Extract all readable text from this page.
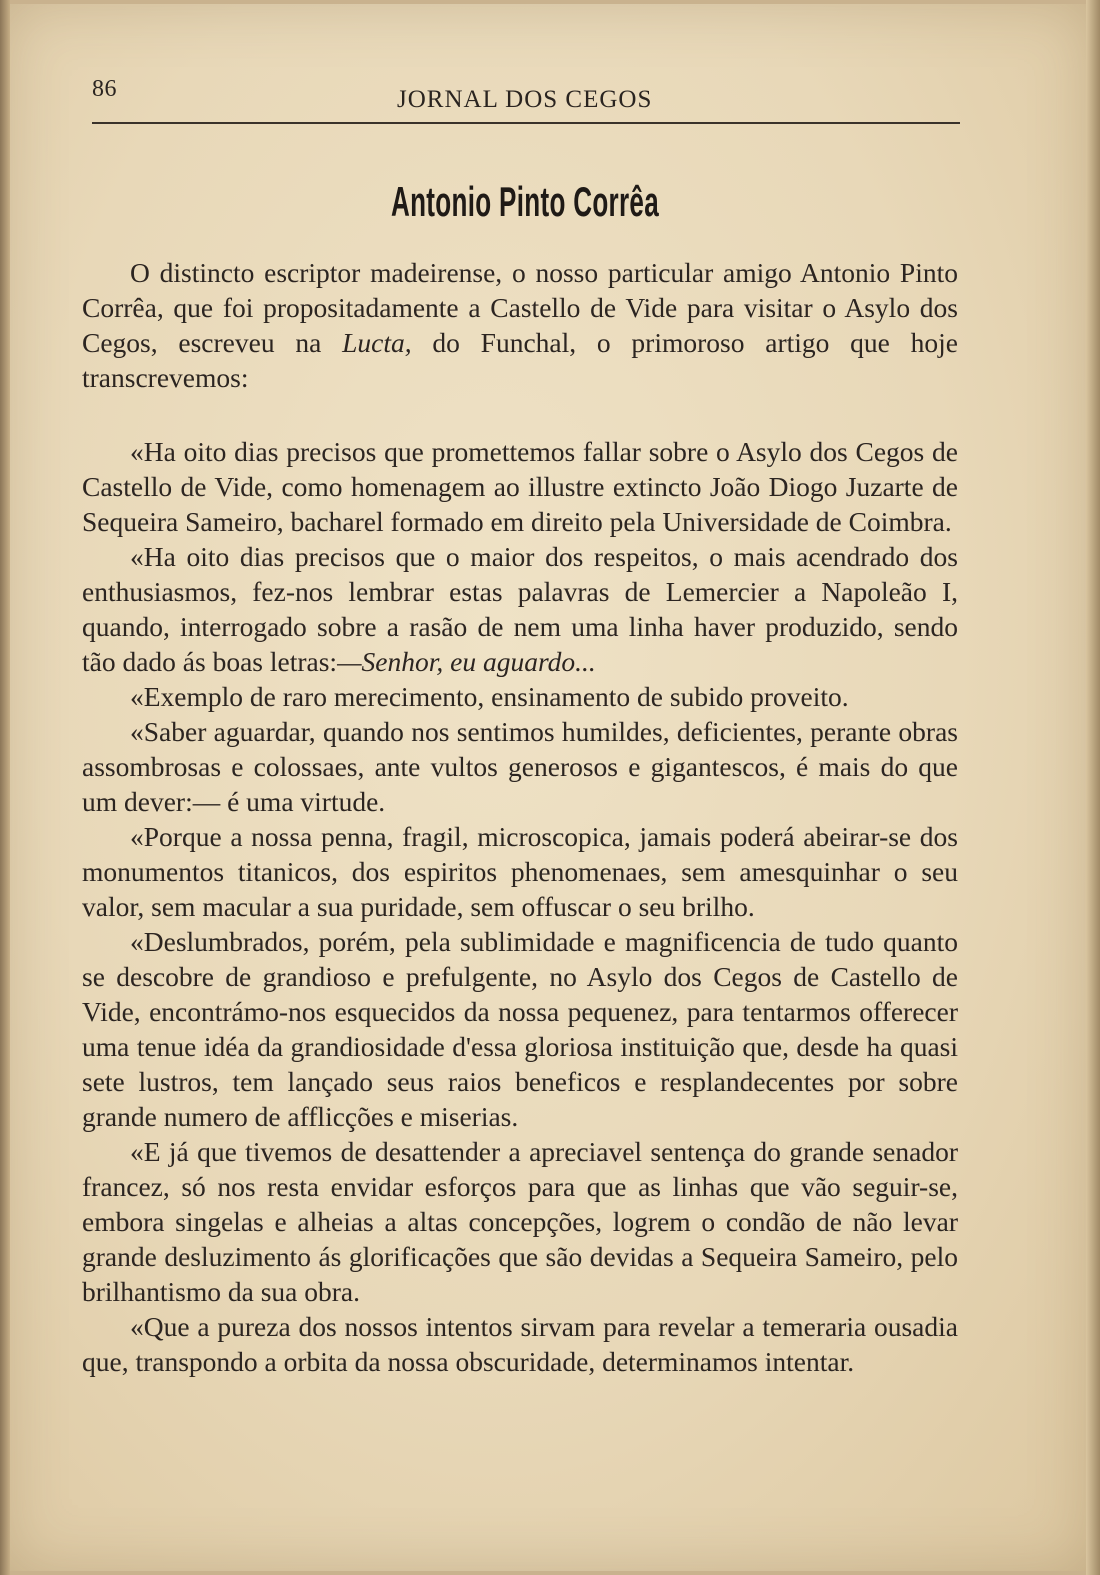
86	JORNAL DOS CEGOS
Antonio Pinto Corrêa

O distincto escriptor madeirense, o nosso particular amigo Antonio Pinto Corrêa, que foi propositadamente a Castello de Vide para visitar o Asylo dos Cegos, escreveu na Lucta, do Funchal, o primoroso artigo que hoje transcrevemos:

«Ha oito dias precisos que promettemos fallar sobre o Asylo dos Cegos de Castello de Vide, como homenagem ao illustre extincto João Diogo Juzarte de Sequeira Sameiro, bacharel formado em direito pela Universidade de Coimbra.

«Ha oito dias precisos que o maior dos respeitos, o mais acendrado dos enthusiasmos, fez-nos lembrar estas palavras de Lemercier a Napoleão I, quando, interrogado sobre a rasão de nem uma linha haver produzido, sendo tão dado ás boas letras:—Senhor, eu aguardo...

«Exemplo de raro merecimento, ensinamento de subido proveito.

«Saber aguardar, quando nos sentimos humildes, deficientes, perante obras assombrosas e colossaes, ante vultos generosos e gigantescos, é mais do que um dever:— é uma virtude.

«Porque a nossa penna, fragil, microscopica, jamais poderá abeirar-se dos monumentos titanicos, dos espiritos phenomenaes, sem amesquinhar o seu valor, sem macular a sua puridade, sem offuscar o seu brilho.

«Deslumbrados, porém, pela sublimidade e magnificencia de tudo quanto se descobre de grandioso e prefulgente, no Asylo dos Cegos de Castello de Vide, encontrámo-nos esquecidos da nossa pequenez, para tentarmos offerecer uma tenue idéa da grandiosidade d'essa gloriosa instituição que, desde ha quasi sete lustros, tem lançado seus raios beneficos e resplandecentes por sobre grande numero de afflicções e miserias.

«E já que tivemos de desattender a apreciavel sentença do grande senador francez, só nos resta envidar esforços para que as linhas que vão seguir-se, embora singelas e alheias a altas concepções, logrem o condão de não levar grande desluzimento ás glorificações que são devidas a Sequeira Sameiro, pelo brilhantismo da sua obra.

«Que a pureza dos nossos intentos sirvam para revelar a temeraria ousadia que, transpondo a orbita da nossa obscuridade, determinamos intentar.
